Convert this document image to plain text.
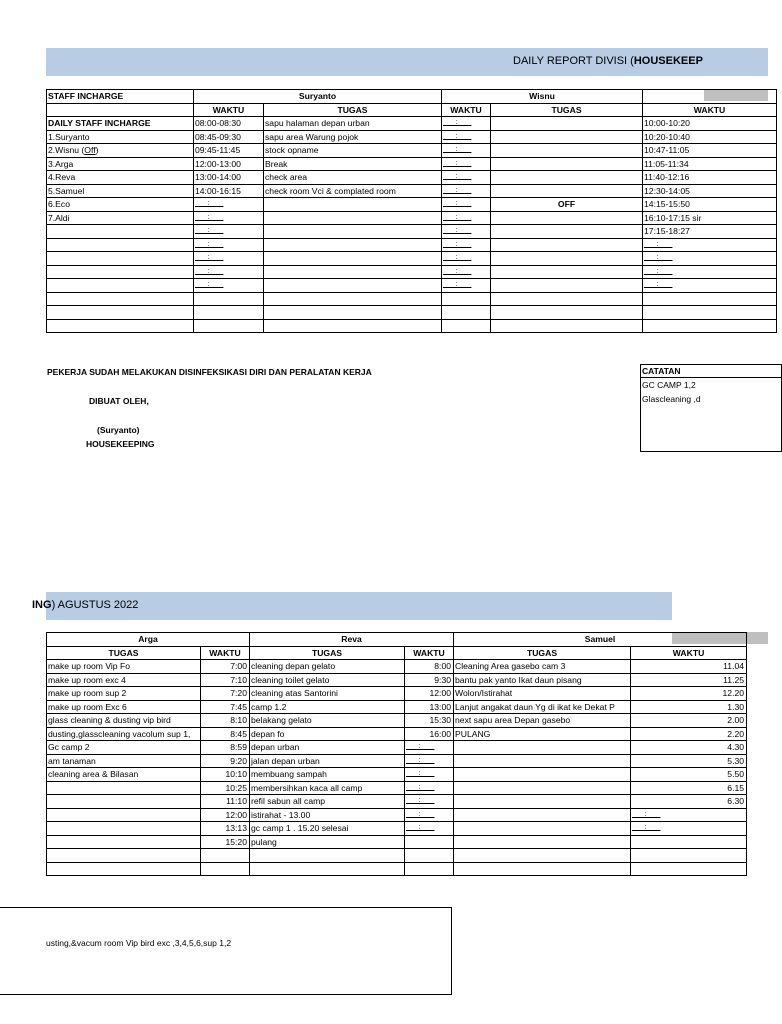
DAILY REPORT DIVISI (HOUSEKEEP
STAFF INCHARGE	Suryanto		Wisnu		
	WAKTU	TUGAS	WAKTU	TUGAS	WAKTU
DAILY STAFF INCHARGE	08:00-08:30	sapu halaman depan urban	_ _:_ _		10:00-10:20
1.Suryanto	08:45-09:30	sapu area Warung pojok	_ _:_ _		10:20-10:40
2.Wisnu (Off)	09:45-11:45	stock opname	_ _:_ _		10:47-11:05
3.Arga	12:00-13:00	Break	_ _:_ _		11:05-11:34
4.Reva	13:00-14:00	check area	_ _:_ _		11:40-12:16
5.Samuel	14:00-16:15	check room Vci & complated room	_ _:_ _		12:30-14:05
6.Eco	_ _:_ _		_ _:_ _	OFF	14:15-15:50
7.Aldi	_ _:_ _		_ _:_ _		16:10-17:15 sir
	_ _:_ _		_ _:_ _		17:15-18:27
	_ _:_ _		_ _:_ _		_ _:_ _
	_ _:_ _		_ _:_ _		_ _:_ _
	_ _:_ _		_ _:_ _		_ _:_ _
	_ _:_ _		_ _:_ _		_ _:_ _

PEKERJA SUDAH MELAKUKAN DISINFEKSIKASI DIRI DAN PERALATAN KERJA
DIBUAT OLEH,
(Suryanto)
HOUSEKEEPING
CATATAN
GC CAMP 1,2
Glascleaning ,d
ING) AGUSTUS 2022
Arga		Reva		Samuel	
TUGAS	WAKTU	TUGAS	WAKTU	TUGAS	WAKTU
make up room Vip Fo	7:00	cleaning depan gelato	8:00	Cleaning Area gasebo cam 3	11.04
make up room exc 4	7:10	cleaning toilet gelato	9:30	bantu pak yanto Ikat daun pisang	11.25
make up room sup 2	7:20	cleaning atas Santorini	12:00	Wolon/Istirahat	12.20
make up room Exc 6	7:45	camp 1.2	13:00	Lanjut angakat daun Yg di ikat ke Dekat P	1.30
glass cleaning & dusting vip bird	8:10	belakang gelato	15:30	next sapu area Depan gasebo	2.00
dusting,glasscleaning vacolum sup 1,	8:45	depan fo	16:00	PULANG	2.20
Gc camp 2	8:59	depan urban	_ _:_ _		4.30
am tanaman	9:20	jalan depan urban	_ _:_ _		5.30
cleaning area & Bilasan	10:10	membuang sampah	_ _:_ _		5.50
	10:25	membersihkan kaca all camp	_ _:_ _		6.15
	11:10	refil sabun all camp	_ _:_ _		6.30
	12:00	istirahat - 13.00	_ _:_ _		_ _:_ _
	13:13	gc camp 1 . 15.20 selesai	_ _:_ _		_ _:_ _
	15:20	pulang			

usting,&vacum room Vip bird exc ,3,4,5,6,sup 1,2
